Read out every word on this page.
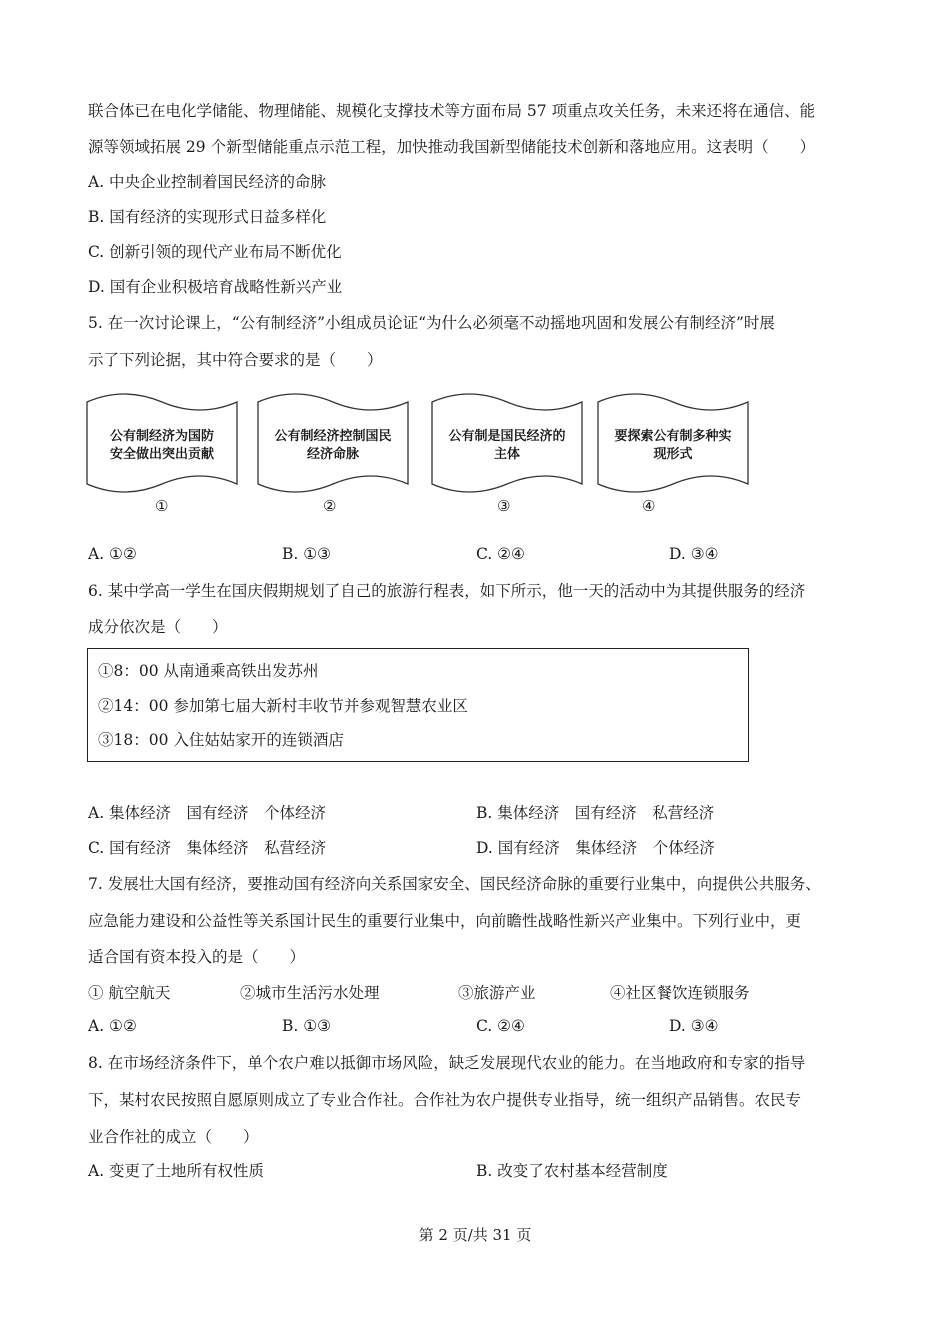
联合体已在电化学储能、物理储能、规模化支撑技术等方面布局 57 项重点攻关任务，未来还将在通信、能
源等领域拓展 29 个新型储能重点示范工程，加快推动我国新型储能技术创新和落地应用。这表明（　　）
A. 中央企业控制着国民经济的命脉
B. 国有经济的实现形式日益多样化
C. 创新引领的现代产业布局不断优化
D. 国有企业积极培育战略性新兴产业
5. 在一次讨论课上，“公有制经济”小组成员论证“为什么必须毫不动摇地巩固和发展公有制经济”时展
示了下列论据，其中符合要求的是（　　）
公有制经济为国防
安全做出突出贡献
公有制经济控制国民
经济命脉
公有制是国民经济的
主体
要探索公有制多种实
现形式
①	②	③	④
A. ①②	B. ①③	C. ②④	D. ③④
6. 某中学高一学生在国庆假期规划了自己的旅游行程表，如下所示，他一天的活动中为其提供服务的经济
成分依次是（　　）
①8：00 从南通乘高铁出发苏州
②14：00 参加第七届大新村丰收节并参观智慧农业区
③18：00 入住姑姑家开的连锁酒店
A. 集体经济　国有经济　个体经济	B. 集体经济　国有经济　私营经济
C. 国有经济　集体经济　私营经济	D. 国有经济　集体经济　个体经济
7. 发展壮大国有经济，要推动国有经济向关系国家安全、国民经济命脉的重要行业集中，向提供公共服务、
应急能力建设和公益性等关系国计民生的重要行业集中，向前瞻性战略性新兴产业集中。下列行业中，更
适合国有资本投入的是（　　）
① 航空航天	②城市生活污水处理	③旅游产业	④社区餐饮连锁服务
A. ①②	B. ①③	C. ②④	D. ③④
8. 在市场经济条件下，单个农户难以抵御市场风险，缺乏发展现代农业的能力。在当地政府和专家的指导
下，某村农民按照自愿原则成立了专业合作社。合作社为农户提供专业指导，统一组织产品销售。农民专
业合作社的成立（　　）
A. 变更了土地所有权性质	B. 改变了农村基本经营制度
第 2 页/共 31 页
